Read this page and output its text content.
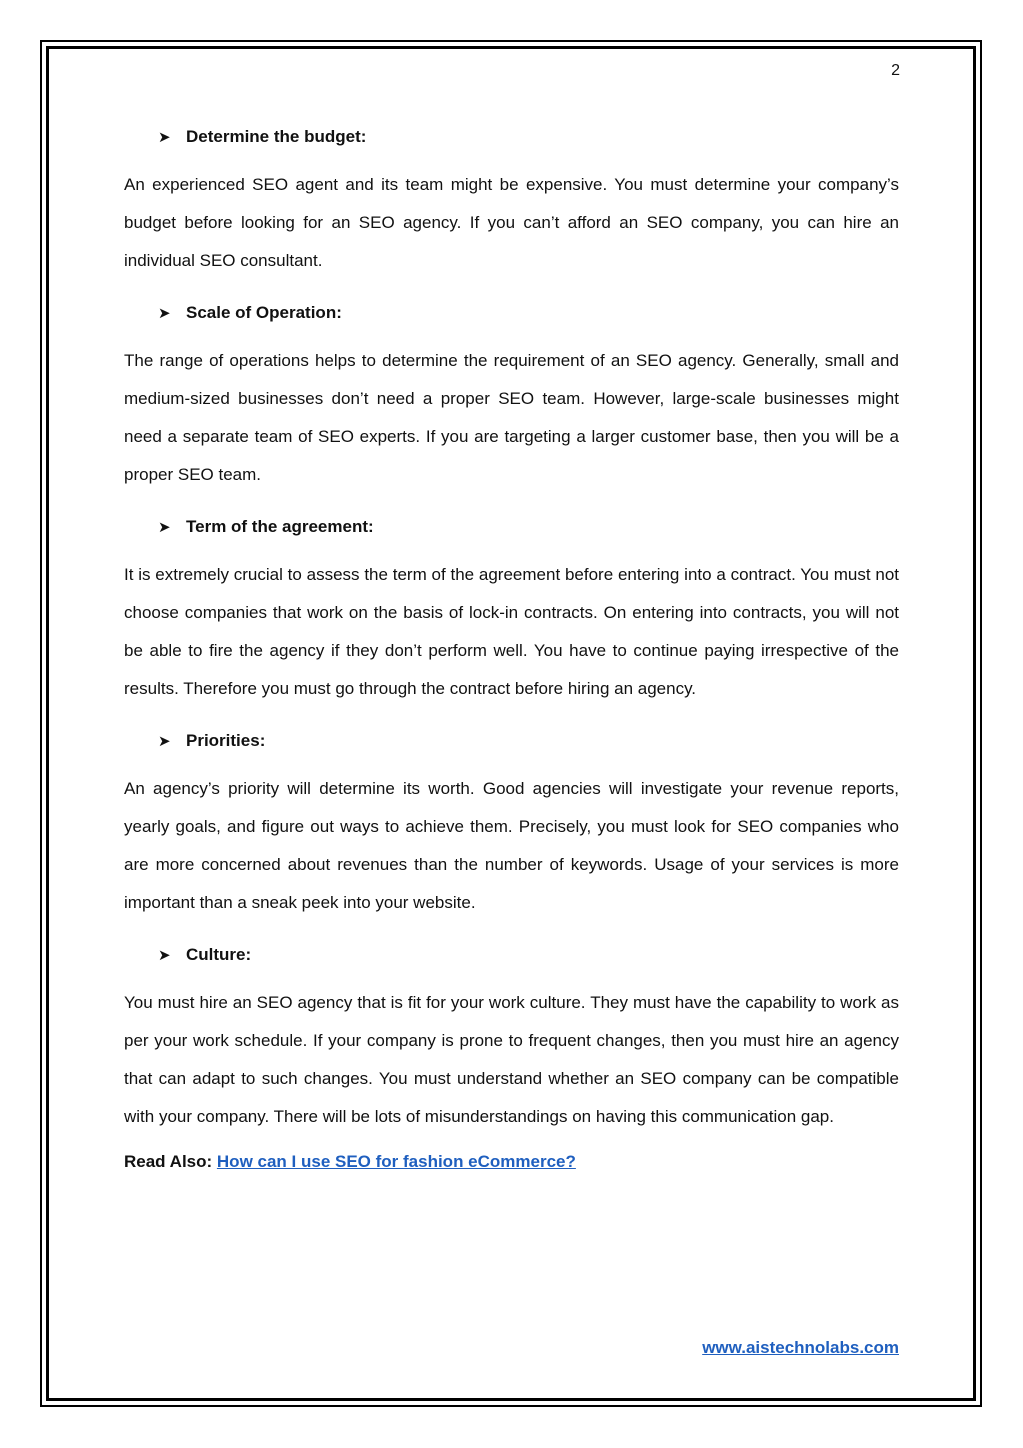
2
➤ Determine the budget:

An experienced SEO agent and its team might be expensive. You must determine your company’s budget before looking for an SEO agency. If you can’t afford an SEO company, you can hire an individual SEO consultant.

➤ Scale of Operation:

The range of operations helps to determine the requirement of an SEO agency. Generally, small and medium-sized businesses don’t need a proper SEO team. However, large-scale businesses might need a separate team of SEO experts. If you are targeting a larger customer base, then you will be a proper SEO team.

➤ Term of the agreement:

It is extremely crucial to assess the term of the agreement before entering into a contract. You must not choose companies that work on the basis of lock-in contracts. On entering into contracts, you will not be able to fire the agency if they don’t perform well. You have to continue paying irrespective of the results. Therefore you must go through the contract before hiring an agency.

➤ Priorities:

An agency’s priority will determine its worth. Good agencies will investigate your revenue reports, yearly goals, and figure out ways to achieve them. Precisely, you must look for SEO companies who are more concerned about revenues than the number of keywords. Usage of your services is more important than a sneak peek into your website.

➤ Culture:

You must hire an SEO agency that is fit for your work culture. They must have the capability to work as per your work schedule. If your company is prone to frequent changes, then you must hire an agency that can adapt to such changes. You must understand whether an SEO company can be compatible with your company. There will be lots of misunderstandings on having this communication gap.

Read Also: How can I use SEO for fashion eCommerce?
www.aistechnolabs.com
